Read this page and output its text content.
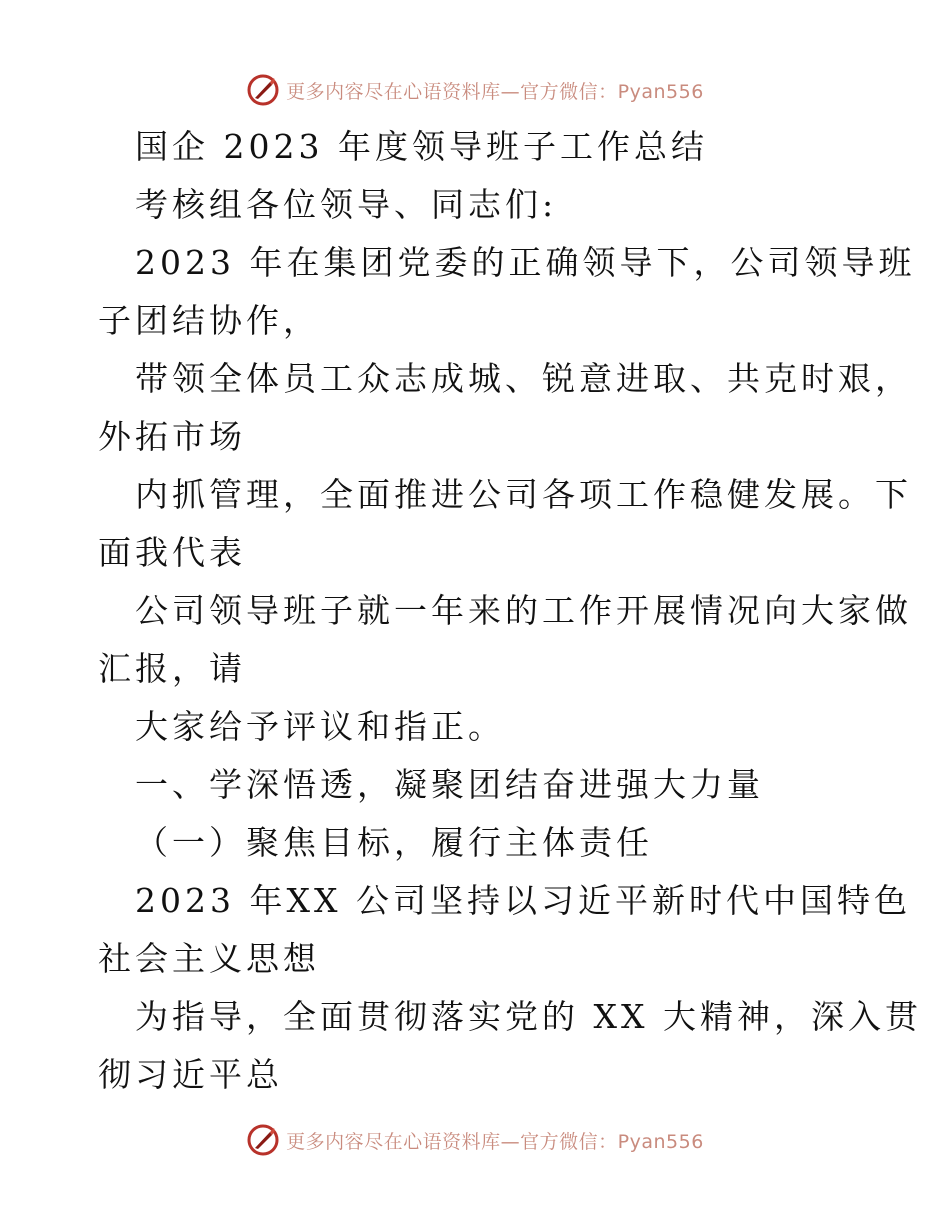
更多内容尽在心语资料库—官方微信：Pyan556
国企 2023 年度领导班子工作总结
考核组各位领导、同志们:
2023 年在集团党委的正确领导下，公司领导班
子团结协作，
带领全体员工众志成城、锐意进取、共克时艰，
外拓市场
内抓管理，全面推进公司各项工作稳健发展。下
面我代表
公司领导班子就一年来的工作开展情况向大家做
汇报，请
大家给予评议和指正。
一、学深悟透，凝聚团结奋进强大力量
（一）聚焦目标，履行主体责任
2023 年XX 公司坚持以习近平新时代中国特色
社会主义思想
为指导，全面贯彻落实党的 XX 大精神，深入贯
彻习近平总
更多内容尽在心语资料库—官方微信：Pyan556
